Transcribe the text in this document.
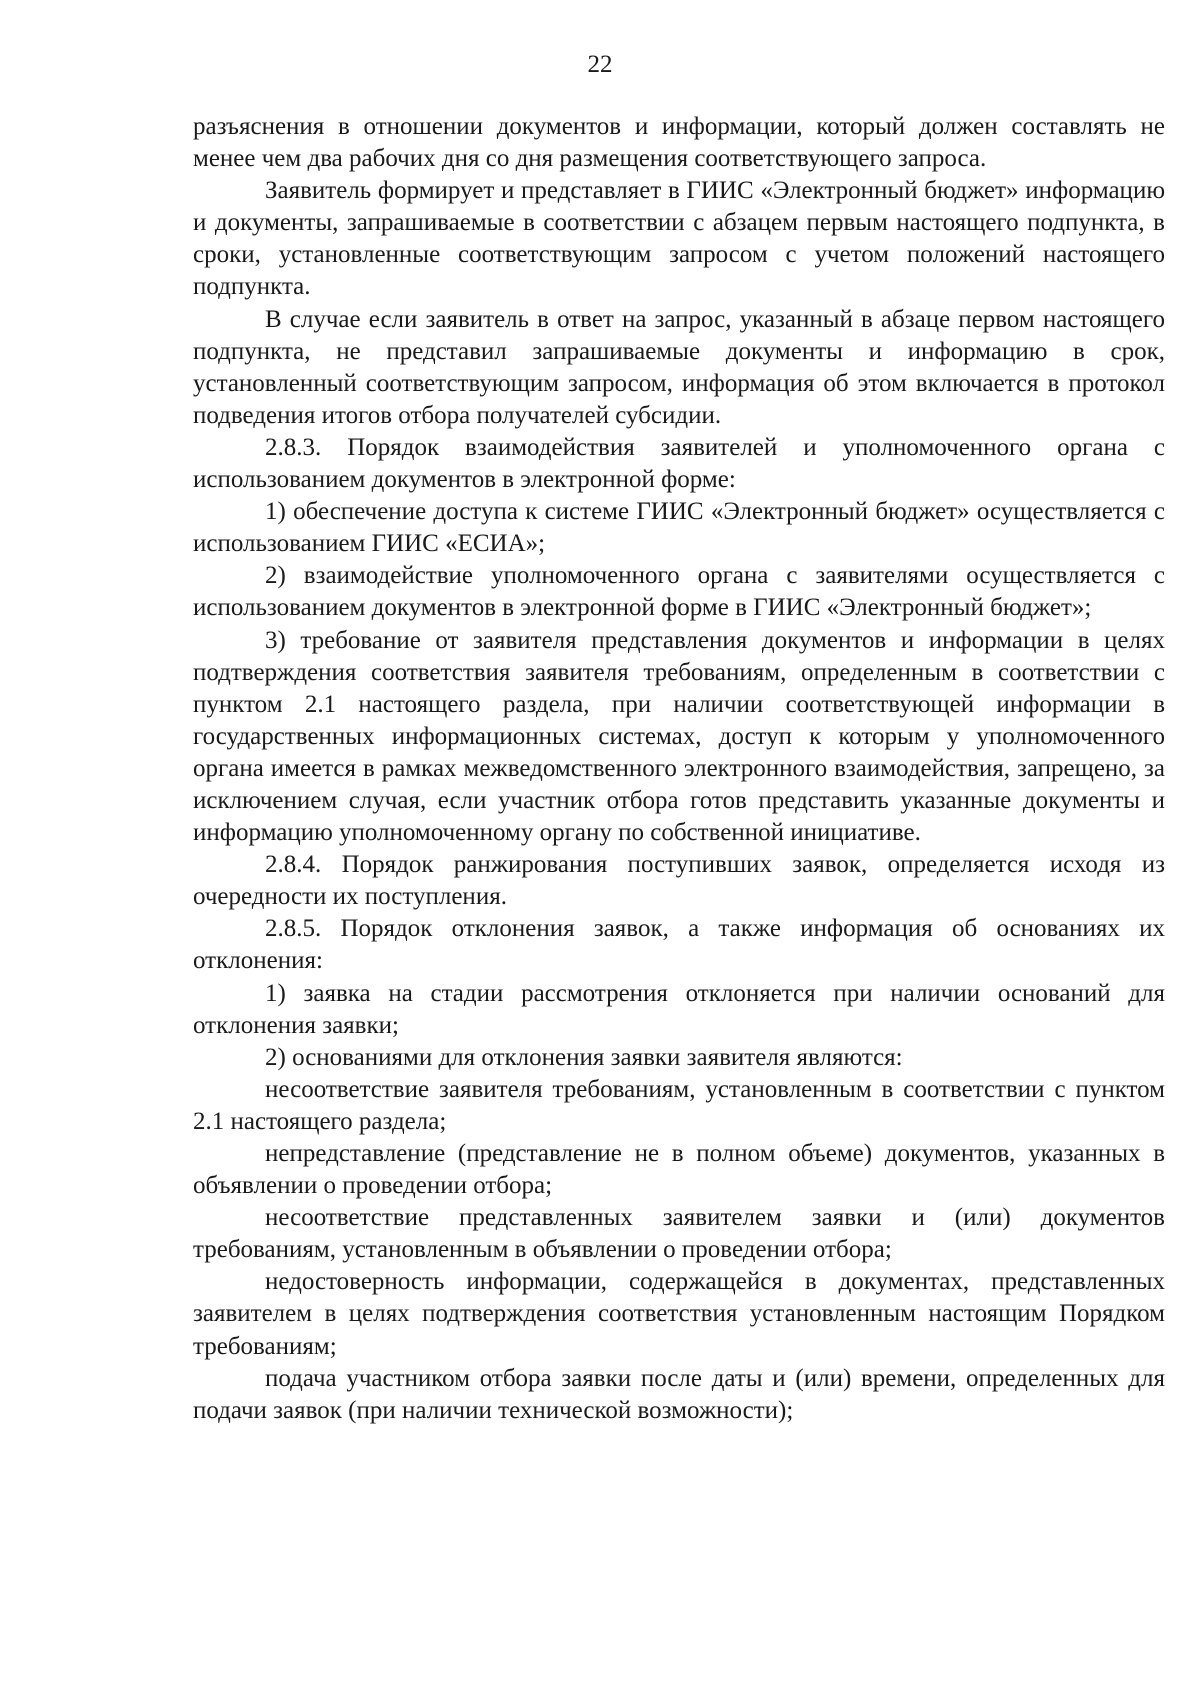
22

разъяснения в отношении документов и информации, который должен составлять не менее чем два рабочих дня со дня размещения соответствующего запроса.

Заявитель формирует и представляет в ГИИС «Электронный бюджет» информацию и документы, запрашиваемые в соответствии с абзацем первым настоящего подпункта, в сроки, установленные соответствующим запросом с учетом положений настоящего подпункта.

В случае если заявитель в ответ на запрос, указанный в абзаце первом настоящего подпункта, не представил запрашиваемые документы и информацию в срок, установленный соответствующим запросом, информация об этом включается в протокол подведения итогов отбора получателей субсидии.

2.8.3. Порядок взаимодействия заявителей и уполномоченного органа с использованием документов в электронной форме:

1) обеспечение доступа к системе ГИИС «Электронный бюджет» осуществляется с использованием ГИИС «ЕСИА»;

2) взаимодействие уполномоченного органа с заявителями осуществляется с использованием документов в электронной форме в ГИИС «Электронный бюджет»;

3) требование от заявителя представления документов и информации в целях подтверждения соответствия заявителя требованиям, определенным в соответствии с пунктом 2.1 настоящего раздела, при наличии соответствующей информации в государственных информационных системах, доступ к которым у уполномоченного органа имеется в рамках межведомственного электронного взаимодействия, запрещено, за исключением случая, если участник отбора готов представить указанные документы и информацию уполномоченному органу по собственной инициативе.

2.8.4. Порядок ранжирования поступивших заявок, определяется исходя из очередности их поступления.

2.8.5. Порядок отклонения заявок, а также информация об основаниях их отклонения:

1) заявка на стадии рассмотрения отклоняется при наличии оснований для отклонения заявки;

2) основаниями для отклонения заявки заявителя являются:

несоответствие заявителя требованиям, установленным в соответствии с пунктом 2.1 настоящего раздела;

непредставление (представление не в полном объеме) документов, указанных в объявлении о проведении отбора;

несоответствие представленных заявителем заявки и (или) документов требованиям, установленным в объявлении о проведении отбора;

недостоверность информации, содержащейся в документах, представленных заявителем в целях подтверждения соответствия установленным настоящим Порядком требованиям;

подача участником отбора заявки после даты и (или) времени, определенных для подачи заявок (при наличии технической возможности);
